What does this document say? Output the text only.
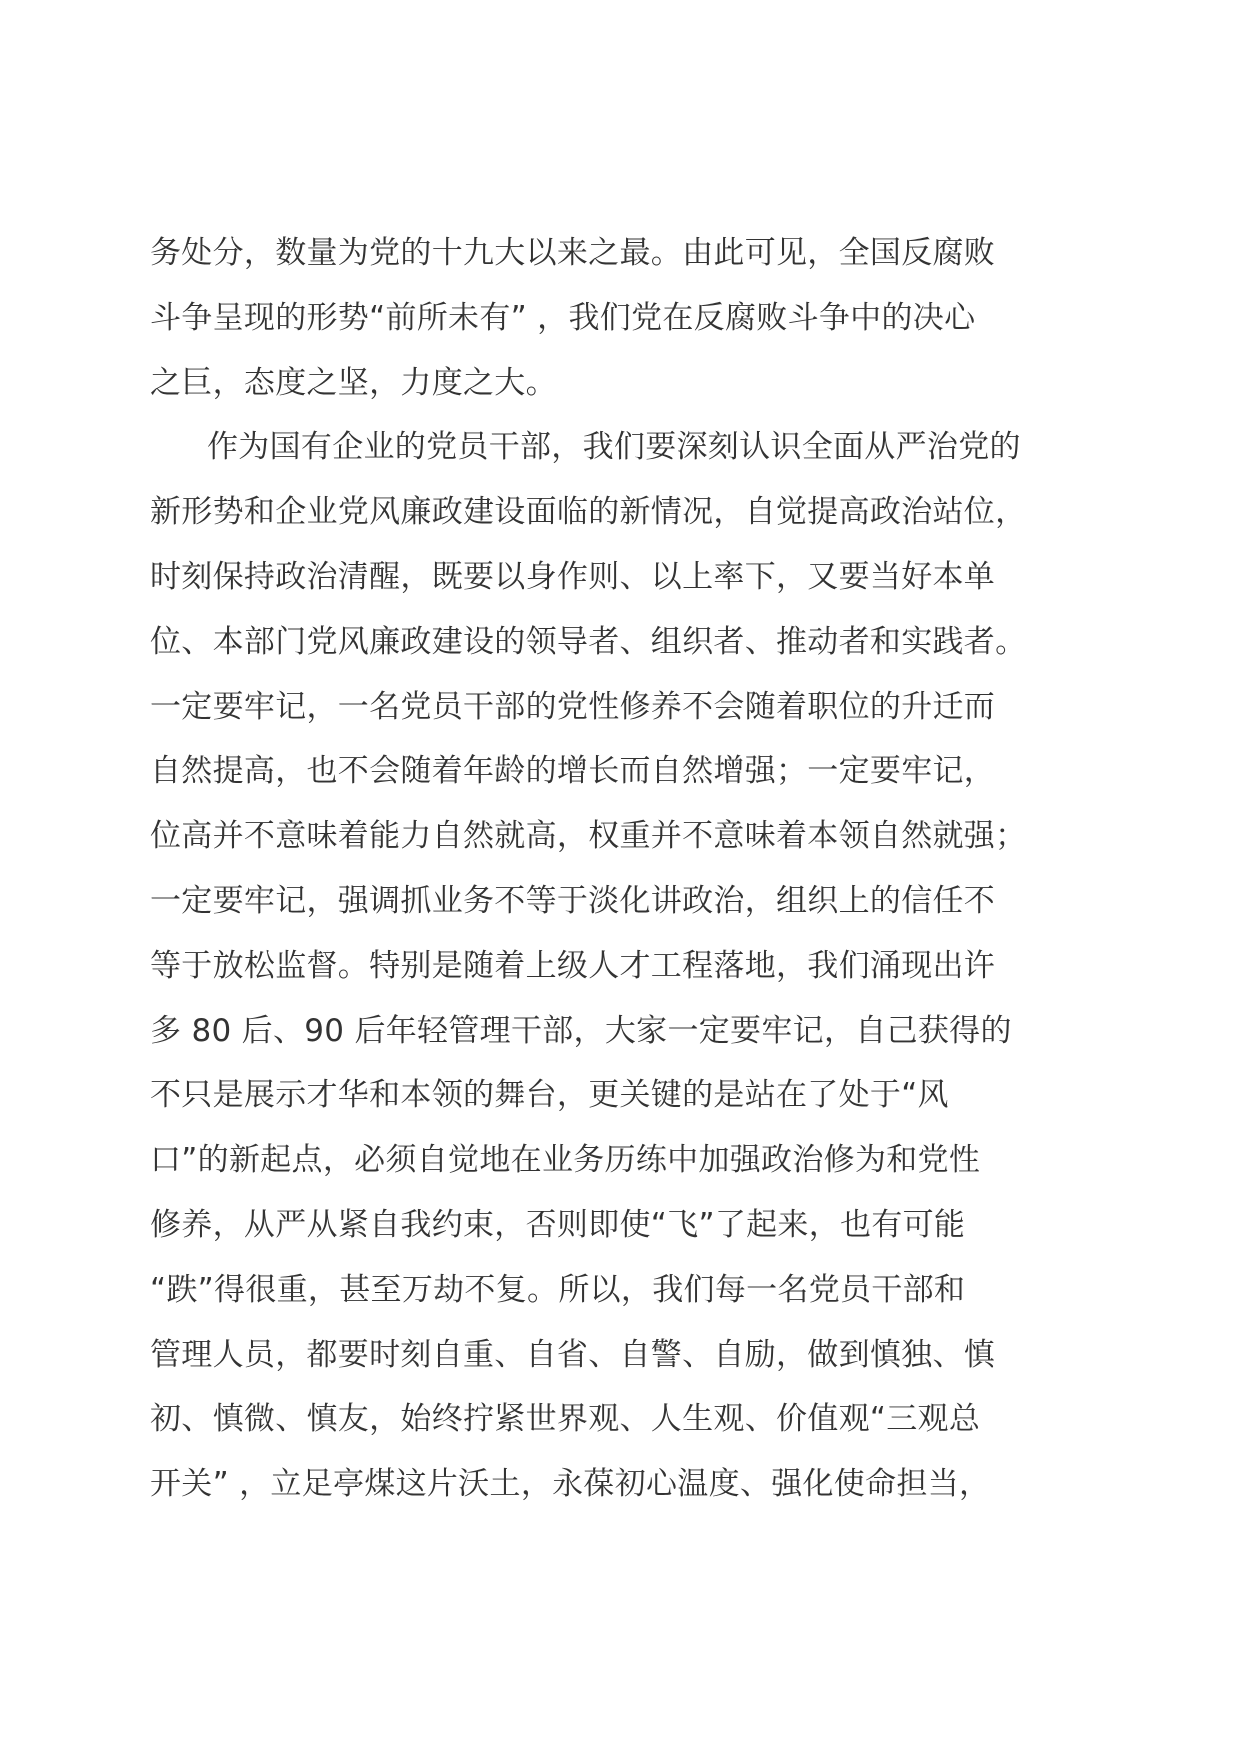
务处分，数量为党的十九大以来之最。由此可见，全国反腐败
斗争呈现的形势“前所未有” ，我们党在反腐败斗争中的决心
之巨，态度之坚，力度之大。
作为国有企业的党员干部，我们要深刻认识全面从严治党的
新形势和企业党风廉政建设面临的新情况，自觉提高政治站位，
时刻保持政治清醒，既要以身作则、以上率下，又要当好本单
位、本部门党风廉政建设的领导者、组织者、推动者和实践者。
一定要牢记，一名党员干部的党性修养不会随着职位的升迁而
自然提高，也不会随着年龄的增长而自然增强；一定要牢记，
位高并不意味着能力自然就高，权重并不意味着本领自然就强；
一定要牢记，强调抓业务不等于淡化讲政治，组织上的信任不
等于放松监督。特别是随着上级人才工程落地，我们涌现出许
多 80 后、90 后年轻管理干部，大家一定要牢记，自己获得的
不只是展示才华和本领的舞台，更关键的是站在了处于“风
口”的新起点，必须自觉地在业务历练中加强政治修为和党性
修养，从严从紧自我约束，否则即使“飞”了起来，也有可能
“跌”得很重，甚至万劫不复。所以，我们每一名党员干部和
管理人员，都要时刻自重、自省、自警、自励，做到慎独、慎
初、慎微、慎友，始终拧紧世界观、人生观、价值观“三观总
开关” ，立足亭煤这片沃土，永葆初心温度、强化使命担当，
